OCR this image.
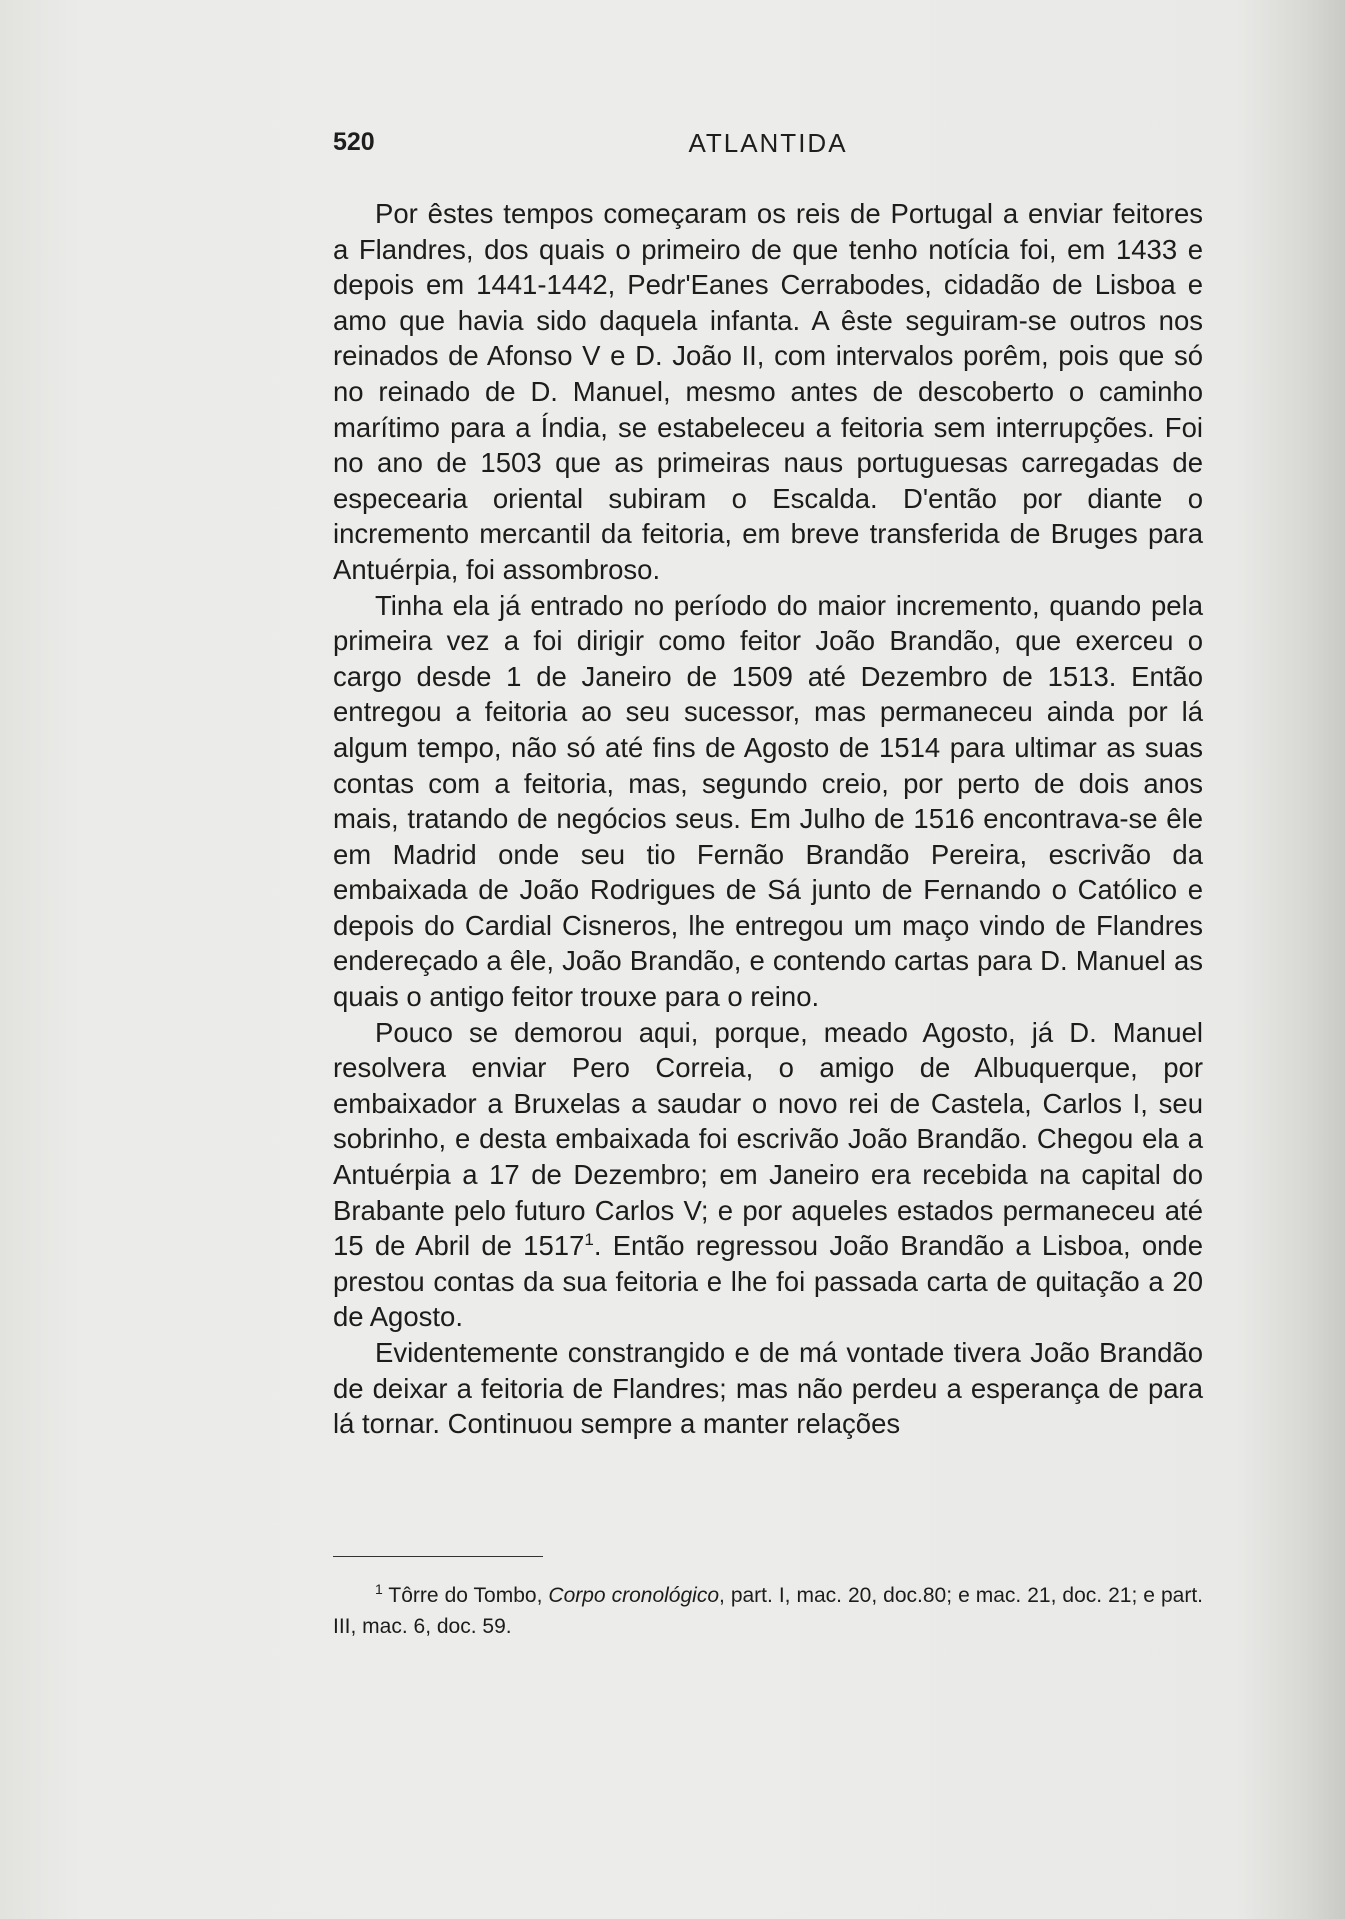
520	ATLANTIDA

Por êstes tempos começaram os reis de Portugal a enviar feitores a Flandres, dos quais o primeiro de que tenho notícia foi, em 1433 e depois em 1441-1442, Pedr'Eanes Cerrabodes, cidadão de Lisboa e amo que havia sido daquela infanta. A êste seguiram-se outros nos reinados de Afonso V e D. João II, com intervalos porêm, pois que só no reinado de D. Manuel, mesmo antes de descoberto o caminho marítimo para a Índia, se estabeleceu a feitoria sem interrupções. Foi no ano de 1503 que as primeiras naus portuguesas carregadas de especearia oriental subiram o Escalda. D'então por diante o incremento mercantil da feitoria, em breve transferida de Bruges para Antuérpia, foi assombroso.

Tinha ela já entrado no período do maior incremento, quando pela primeira vez a foi dirigir como feitor João Brandão, que exerceu o cargo desde 1 de Janeiro de 1509 até Dezembro de 1513. Então entregou a feitoria ao seu sucessor, mas permaneceu ainda por lá algum tempo, não só até fins de Agosto de 1514 para ultimar as suas contas com a feitoria, mas, segundo creio, por perto de dois anos mais, tratando de negócios seus. Em Julho de 1516 encontrava-se êle em Madrid onde seu tio Fernão Brandão Pereira, escrivão da embaixada de João Rodrigues de Sá junto de Fernando o Católico e depois do Cardial Cisneros, lhe entregou um maço vindo de Flandres endereçado a êle, João Brandão, e contendo cartas para D. Manuel as quais o antigo feitor trouxe para o reino.

Pouco se demorou aqui, porque, meado Agosto, já D. Manuel resolvera enviar Pero Correia, o amigo de Albuquerque, por embaixador a Bruxelas a saudar o novo rei de Castela, Carlos I, seu sobrinho, e desta embaixada foi escrivão João Brandão. Chegou ela a Antuérpia a 17 de Dezembro; em Janeiro era recebida na capital do Brabante pelo futuro Carlos V; e por aqueles estados permaneceu até 15 de Abril de 1517$^1$. Então regressou João Brandão a Lisboa, onde prestou contas da sua feitoria e lhe foi passada carta de quitação a 20 de Agosto.

Evidentemente constrangido e de má vontade tivera João Brandão de deixar a feitoria de Flandres; mas não perdeu a esperança de para lá tornar. Continuou sempre a manter relações

$^1$ Tôrre do Tombo, Corpo cronológico, part. I, mac. 20, doc.80; e mac. 21, doc. 21; e part. III, mac. 6, doc. 59.
